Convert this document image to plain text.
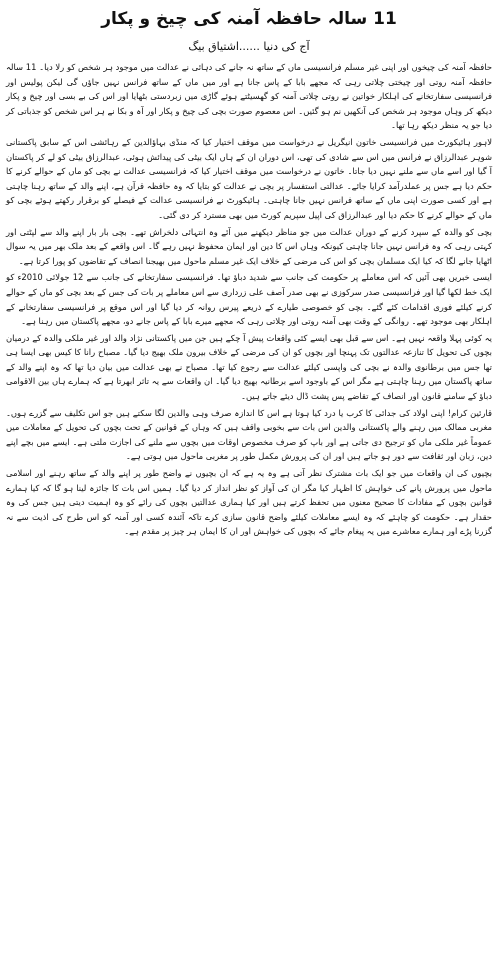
11 سالہ حافظہ آمنہ کی چیخ و پکار
آج کی دنیا ......اشتیاق بیگ

حافظہ آمنہ کی چیخوں اور اپنی غیر مسلم فرانسیسی ماں کے ساتھ نہ جانے کی دہائی نے عدالت میں موجود ہر شخص کو رلا دیا۔ 11 سالہ حافظہ آمنہ روتی اور چیختی چلاتی رہی کہ مجھے بابا کے پاس جانا ہے اور میں ماں کے ساتھ فرانس نہیں جاؤں گی لیکن پولیس اور فرانسیسی سفارتخانے کی اہلکار خواتین نے روتی چلاتی آمنہ کو گھسیٹتے ہوئے گاڑی میں زبردستی بٹھایا اور اس کی بے بسی اور چیخ و پکار دیکھ کر وہاں موجود ہر شخص کی آنکھیں نم ہو گئیں۔ اس معصوم صورت بچی کی چیخ و پکار اور آہ و بکا نے ہر اس شخص کو جذباتی کر دیا جو یہ منظر دیکھ رہا تھا۔

لاہور ہائیکورٹ میں فرانسیسی خاتون انیگریل نے درخواست میں موقف اختیار کیا کہ منڈی بہاؤالدین کے رہائشی اس کے سابق پاکستانی شوہر عبدالرزاق نے فرانس میں اس سے شادی کی تھی، اس دوران ان کے ہاں ایک بیٹی کی پیدائش ہوئی، عبدالرزاق بیٹی کو لے کر پاکستان آ گیا اور اسے ماں سے ملنے نہیں دیا جاتا۔ خاتون نے درخواست میں موقف اختیار کیا کہ فرانسیسی عدالت نے بچی کو ماں کے حوالے کرنے کا حکم دیا ہے جس پر عملدرآمد کرایا جائے۔ عدالتی استفسار پر بچی نے عدالت کو بتایا کہ وہ حافظہ قرآن ہے، اپنے والد کے ساتھ رہنا چاہتی ہے اور کسی صورت اپنی ماں کے ساتھ فرانس نہیں جانا چاہتی۔ ہائیکورٹ نے فرانسیسی عدالت کے فیصلے کو برقرار رکھتے ہوئے بچی کو ماں کے حوالے کرنے کا حکم دیا اور عبدالرزاق کی اپیل سپریم کورٹ میں بھی مسترد کر دی گئی۔

بچی کو والدہ کے سپرد کرنے کے دوران عدالت میں جو مناظر دیکھنے میں آئے وہ انتہائی دلخراش تھے۔ بچی بار بار اپنے والد سے لپٹتی اور کہتی رہی کہ وہ فرانس نہیں جانا چاہتی کیونکہ وہاں اس کا دین اور ایمان محفوظ نہیں رہے گا۔ اس واقعے کے بعد ملک بھر میں یہ سوال اٹھایا جانے لگا کہ کیا ایک مسلمان بچی کو اس کی مرضی کے خلاف ایک غیر مسلم ماحول میں بھیجنا انصاف کے تقاضوں کو پورا کرتا ہے۔

ایسی خبریں بھی آئیں کہ اس معاملے پر حکومت کی جانب سے شدید دباؤ تھا۔ فرانسیسی سفارتخانے کی جانب سے 12 جولائی 2010ء کو ایک خط لکھا گیا اور فرانسیسی صدر سرکوزی نے بھی صدر آصف علی زرداری سے اس معاملے پر بات کی جس کے بعد بچی کو ماں کے حوالے کرنے کیلئے فوری اقدامات کئے گئے۔ بچی کو خصوصی طیارے کے ذریعے پیرس روانہ کر دیا گیا اور اس موقع پر فرانسیسی سفارتخانے کے اہلکار بھی موجود تھے۔ روانگی کے وقت بھی آمنہ روتی اور چلاتی رہی کہ مجھے میرے بابا کے پاس جانے دو، مجھے پاکستان میں رہنا ہے۔

یہ کوئی پہلا واقعہ نہیں ہے۔ اس سے قبل بھی ایسے کئی واقعات پیش آ چکے ہیں جن میں پاکستانی نژاد والد اور غیر ملکی والدہ کے درمیان بچوں کی تحویل کا تنازعہ عدالتوں تک پہنچا اور بچوں کو ان کی مرضی کے خلاف بیرون ملک بھیج دیا گیا۔ مصباح رانا کا کیس بھی ایسا ہی تھا جس میں برطانوی والدہ نے بچی کی واپسی کیلئے عدالت سے رجوع کیا تھا۔ مصباح نے بھی عدالت میں بیان دیا تھا کہ وہ اپنے والد کے ساتھ پاکستان میں رہنا چاہتی ہے مگر اس کے باوجود اسے برطانیہ بھیج دیا گیا۔ ان واقعات سے یہ تاثر ابھرتا ہے کہ ہمارے ہاں بین الاقوامی دباؤ کے سامنے قانون اور انصاف کے تقاضے پس پشت ڈال دیئے جاتے ہیں۔

قارئین کرام! اپنی اولاد کی جدائی کا کرب یا درد کیا ہوتا ہے اس کا اندازہ صرف وہی والدین لگا سکتے ہیں جو اس تکلیف سے گزرے ہوں۔ مغربی ممالک میں رہنے والے پاکستانی والدین اس بات سے بخوبی واقف ہیں کہ وہاں کے قوانین کے تحت بچوں کی تحویل کے معاملات میں عموماً غیر ملکی ماں کو ترجیح دی جاتی ہے اور باپ کو صرف مخصوص اوقات میں بچوں سے ملنے کی اجازت ملتی ہے۔ ایسے میں بچے اپنے دین، زبان اور ثقافت سے دور ہو جاتے ہیں اور ان کی پرورش مکمل طور پر مغربی ماحول میں ہوتی ہے۔

بچیوں کی ان واقعات میں جو ایک بات مشترک نظر آتی ہے وہ یہ ہے کہ ان بچیوں نے واضح طور پر اپنے والد کے ساتھ رہنے اور اسلامی ماحول میں پرورش پانے کی خواہش کا اظہار کیا مگر ان کی آواز کو نظر انداز کر دیا گیا۔ ہمیں اس بات کا جائزہ لینا ہو گا کہ کیا ہمارے قوانین بچوں کے مفادات کا صحیح معنوں میں تحفظ کرتے ہیں اور کیا ہماری عدالتیں بچوں کی رائے کو وہ اہمیت دیتی ہیں جس کی وہ حقدار ہے۔ حکومت کو چاہئے کہ وہ ایسے معاملات کیلئے واضح قانون سازی کرے تاکہ آئندہ کسی اور آمنہ کو اس طرح کی اذیت سے نہ گزرنا پڑے اور ہمارے معاشرے میں یہ پیغام جائے کہ بچوں کی خواہش اور ان کا ایمان ہر چیز پر مقدم ہے۔
